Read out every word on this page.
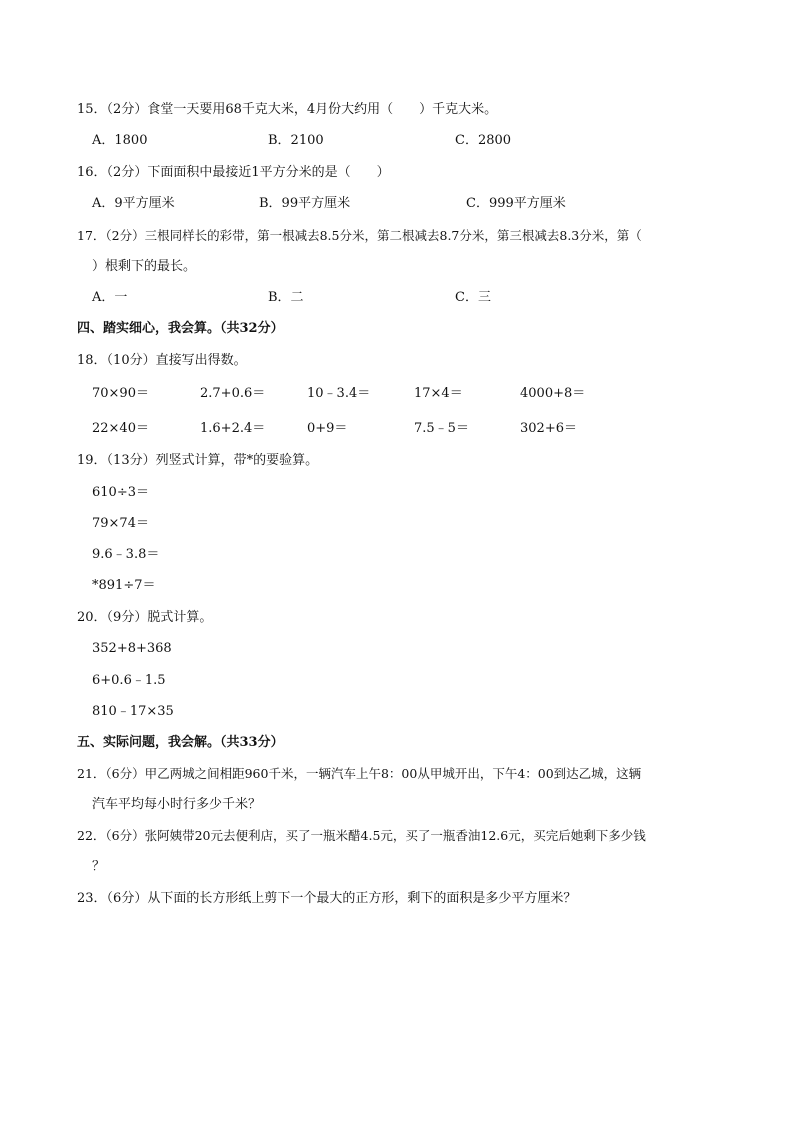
15．（2分）食堂一天要用68千克大米，4月份大约用（　　）千克大米。
A．1800	B．2100	C．2800
16．（2分）下面面积中最接近1平方分米的是（　　）
A．9平方厘米	B．99平方厘米	C．999平方厘米
17．（2分）三根同样长的彩带，第一根减去8.5分米，第二根减去8.7分米，第三根减去8.3分米，第（
）根剩下的最长。
A．一	B．二	C．三
四、踏实细心，我会算。（共32分）
18．（10分）直接写出得数。
70×90＝	2.7+0.6＝	10﹣3.4＝	17×4＝	4000+8＝
22×40＝	1.6+2.4＝	0+9＝	7.5﹣5＝	302+6＝
19．（13分）列竖式计算，带*的要验算。
610÷3＝
79×74＝
9.6﹣3.8＝
*891÷7＝
20．（9分）脱式计算。
352+8+368
6+0.6﹣1.5
810﹣17×35
五、实际问题，我会解。（共33分）
21．（6分）甲乙两城之间相距960千米，一辆汽车上午8：00从甲城开出，下午4：00到达乙城，这辆
汽车平均每小时行多少千米？
22．（6分）张阿姨带20元去便利店，买了一瓶米醋4.5元，买了一瓶香油12.6元，买完后她剩下多少钱
？
23．（6分）从下面的长方形纸上剪下一个最大的正方形，剩下的面积是多少平方厘米？
